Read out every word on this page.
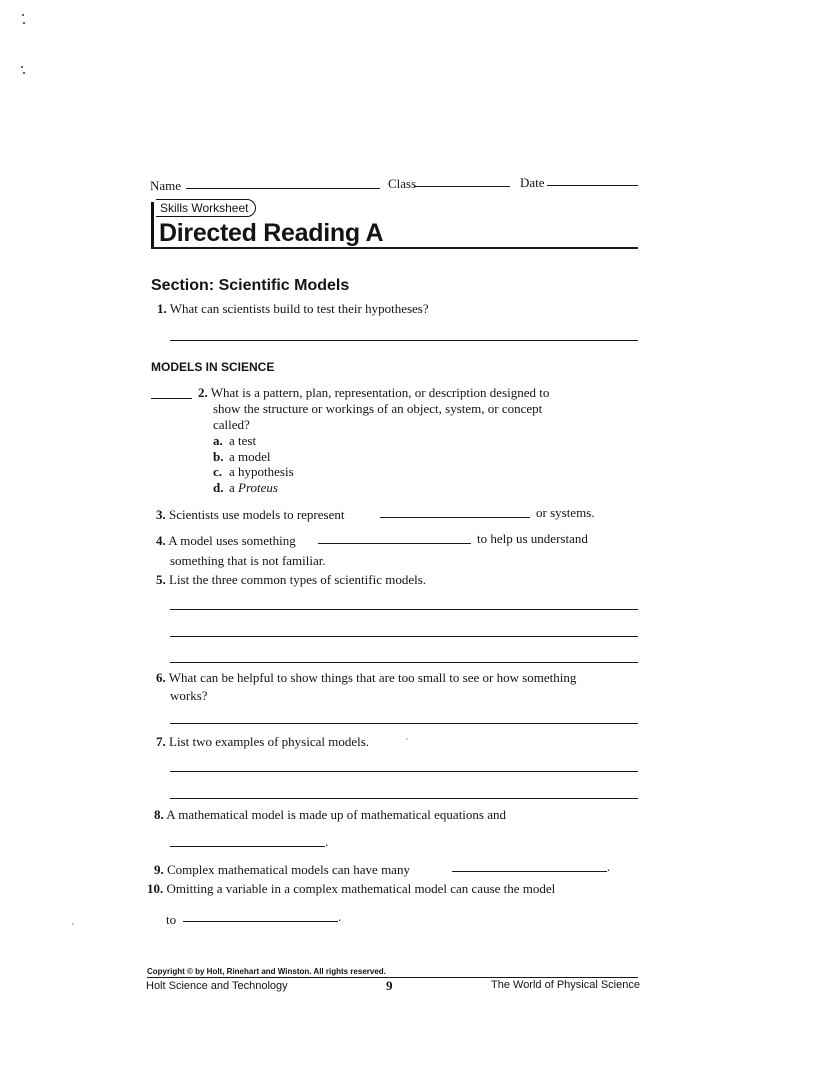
Name	Class	Date
Skills Worksheet
Directed Reading A
Section: Scientific Models
1. What can scientists build to test their hypotheses?
MODELS IN SCIENCE
2. What is a pattern, plan, representation, or description designed to
show the structure or workings of an object, system, or concept
called?
a. a test
b. a model
c. a hypothesis
d. a Proteus
3. Scientists use models to represent	or systems.
4. A model uses something	to help us understand
something that is not familiar.
5. List the three common types of scientific models.
6. What can be helpful to show things that are too small to see or how something
works?
7. List two examples of physical models.
8. A mathematical model is made up of mathematical equations and
.
9. Complex mathematical models can have many	.
10. Omitting a variable in a complex mathematical model can cause the model
to	.
Copyright © by Holt, Rinehart and Winston. All rights reserved.
Holt Science and Technology	9	The World of Physical Science
